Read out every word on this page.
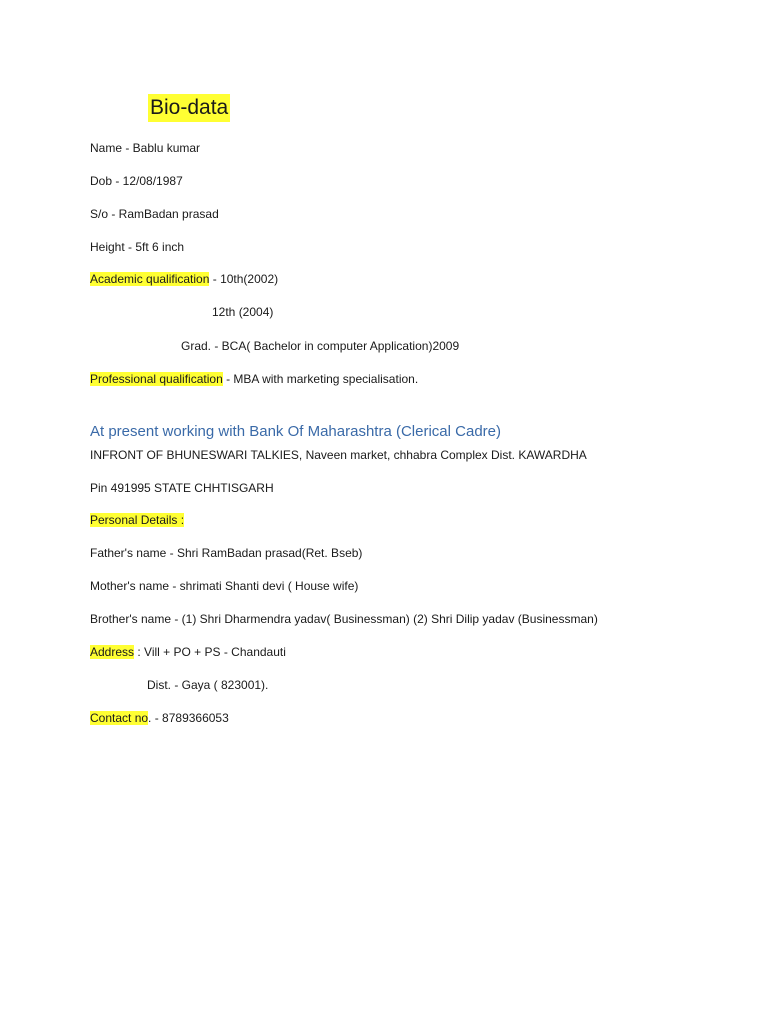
Bio-data
Name - Bablu kumar
Dob - 12/08/1987
S/o - RamBadan prasad
Height - 5ft 6 inch
Academic qualification - 10th(2002)
12th (2004)
Grad. - BCA( Bachelor in computer Application)2009
Professional qualification - MBA with marketing specialisation.
At present working with Bank Of Maharashtra (Clerical Cadre)
INFRONT OF BHUNESWARI TALKIES, Naveen market, chhabra Complex Dist. KAWARDHA
Pin 491995 STATE CHHTISGARH
Personal Details :
Father's name - Shri RamBadan prasad(Ret. Bseb)
Mother's name - shrimati Shanti devi ( House wife)
Brother's name - (1) Shri Dharmendra yadav( Businessman) (2) Shri Dilip yadav (Businessman)
Address : Vill + PO + PS - Chandauti
Dist. - Gaya ( 823001).
Contact no. - 8789366053
